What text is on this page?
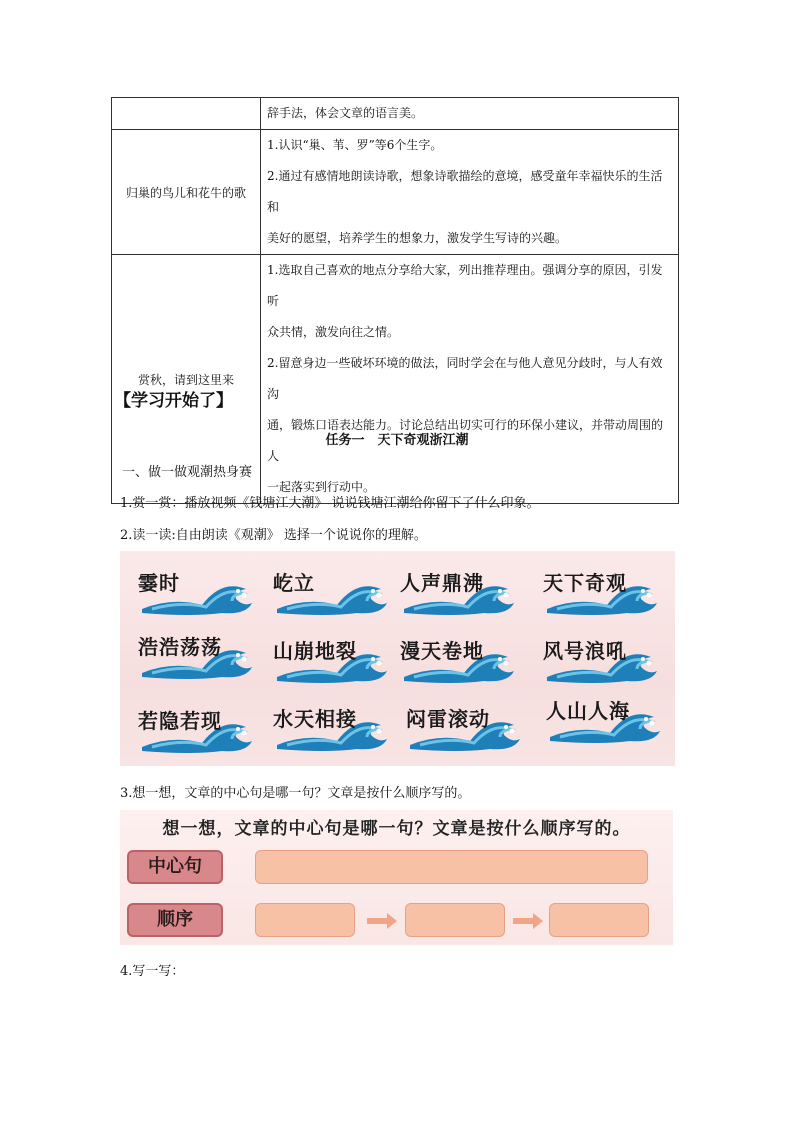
	辞手法，体会文章的语言美。

归巢的鸟儿和花牛的歌	1.认识“巢、苇、罗”等6个生字。

2.通过有感情地朗读诗歌，想象诗歌描绘的意境，感受童年幸福快乐的生活和

美好的愿望，培养学生的想象力，激发学生写诗的兴趣。

赏秋，请到这里来	1.选取自己喜欢的地点分享给大家，列出推荐理由。强调分享的原因，引发听

众共情，激发向往之情。

2.留意身边一些破坏环境的做法，同时学会在与他人意见分歧时，与人有效沟

通，锻炼口语表达能力。讨论总结出切实可行的环保小建议，并带动周围的人

一起落实到行动中。

【学习开始了】
任务一　天下奇观浙江潮
一、做一做观潮热身赛
1.赏一赏：播放视频《钱塘江大潮》 说说钱塘江潮给你留下了什么印象。
2.读一读:自由朗读《观潮》 选择一个说说你的理解。
霎时	屹立	人声鼎沸	天下奇观
浩浩荡荡	山崩地裂 漫天卷地	风号浪吼
若隐若现	水天相接 闷雷滚动	人山人海
3.想一想，文章的中心句是哪一句？文章是按什么顺序写的。
想一想，文章的中心句是哪一句？文章是按什么顺序写的。
中心句
顺序
4.写一写：
